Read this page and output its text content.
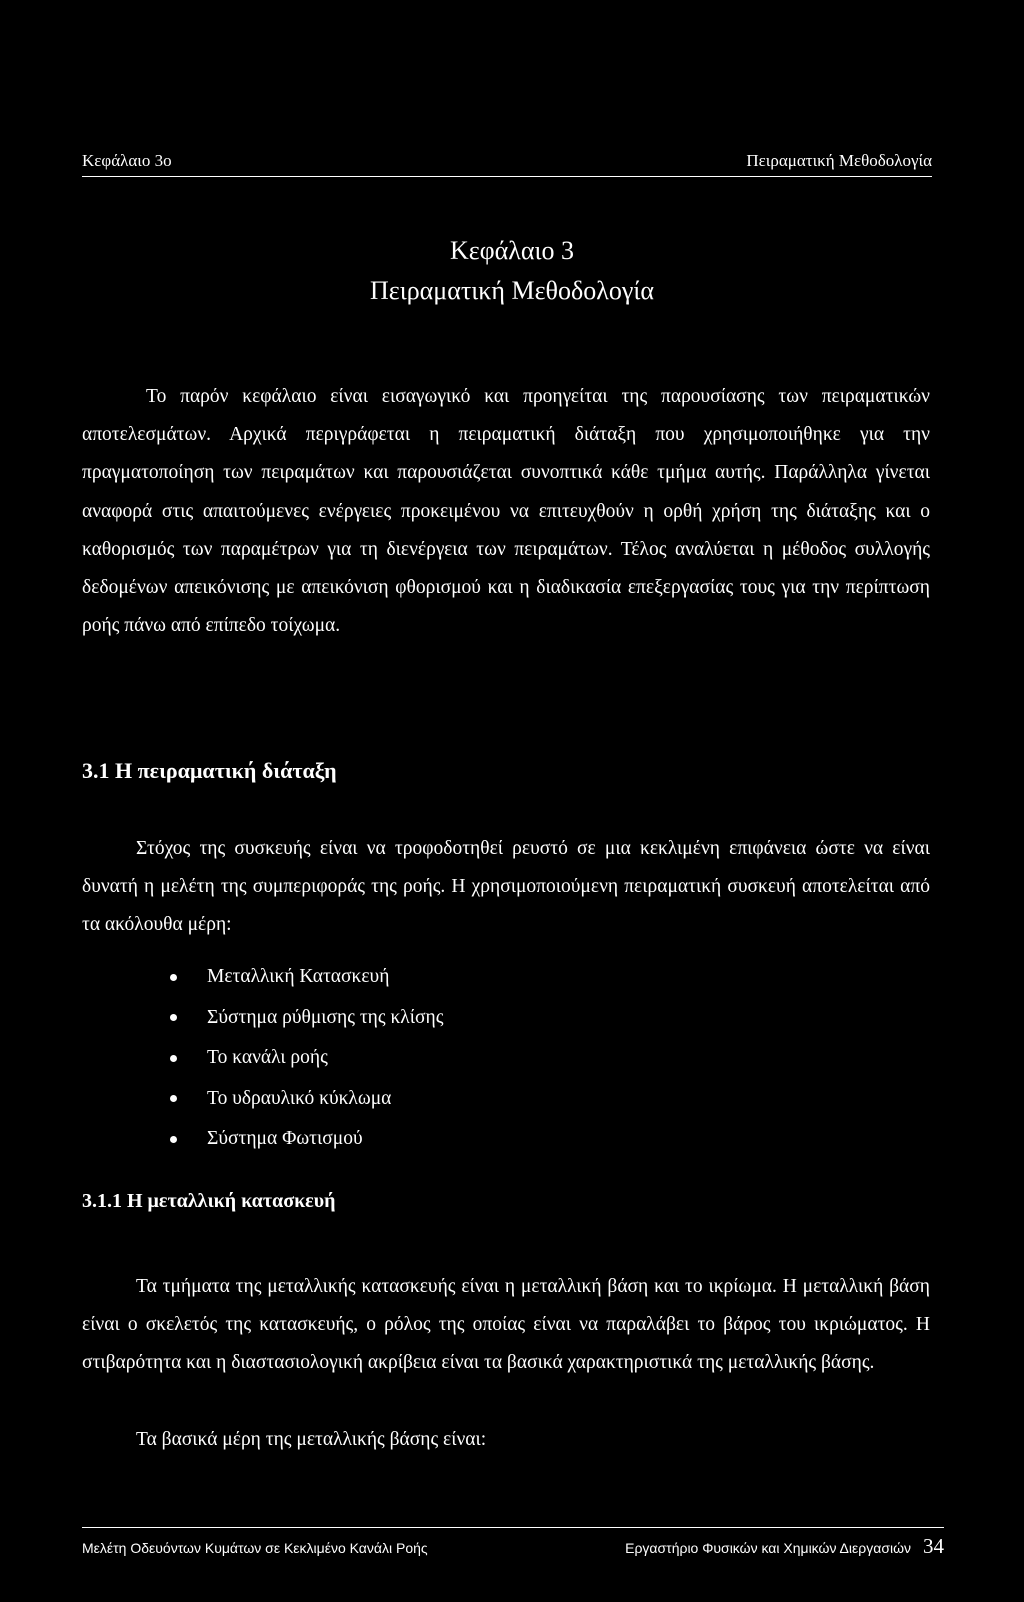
Κεφάλαιο 3ο	Πειραματική Μεθοδολογία
Κεφάλαιο 3
Πειραματική Μεθοδολογία

Το παρόν κεφάλαιο είναι εισαγωγικό και προηγείται της παρουσίασης των πειραματικών αποτελεσμάτων. Αρχικά περιγράφεται η πειραματική διάταξη που χρησιμοποιήθηκε για την πραγματοποίηση των πειραμάτων και παρουσιάζεται συνοπτικά κάθε τμήμα αυτής. Παράλληλα γίνεται αναφορά στις απαιτούμενες ενέργειες προκειμένου να επιτευχθούν η ορθή χρήση της διάταξης και ο καθορισμός των παραμέτρων για τη διενέργεια των πειραμάτων. Τέλος αναλύεται η μέθοδος συλλογής δεδομένων απεικόνισης με απεικόνιση φθορισμού και η διαδικασία επεξεργασίας τους για την περίπτωση ροής πάνω από επίπεδο τοίχωμα.

3.1 Η πειραματική διάταξη

Στόχος της συσκευής είναι να τροφοδοτηθεί ρευστό σε μια κεκλιμένη επιφάνεια ώστε να είναι δυνατή η μελέτη της συμπεριφοράς της ροής. Η χρησιμοποιούμενη πειραματική συσκευή αποτελείται από τα ακόλουθα μέρη:

Μεταλλική Κατασκευή
Σύστημα ρύθμισης της κλίσης
Το κανάλι ροής
Το υδραυλικό κύκλωμα
Σύστημα Φωτισμού
3.1.1 Η μεταλλική κατασκευή

Τα τμήματα της μεταλλικής κατασκευής είναι η μεταλλική βάση και το ικρίωμα. Η μεταλλική βάση είναι ο σκελετός της κατασκευής, ο ρόλος της οποίας είναι να παραλάβει το βάρος του ικριώματος. Η στιβαρότητα και η διαστασιολογική ακρίβεια είναι τα βασικά χαρακτηριστικά της μεταλλικής βάσης.

Τα βασικά μέρη της μεταλλικής βάσης είναι:

Μελέτη Οδευόντων Κυμάτων σε Κεκλιμένο Κανάλι Ροής	Εργαστήριο Φυσικών και Χημικών Διεργασιών 34
